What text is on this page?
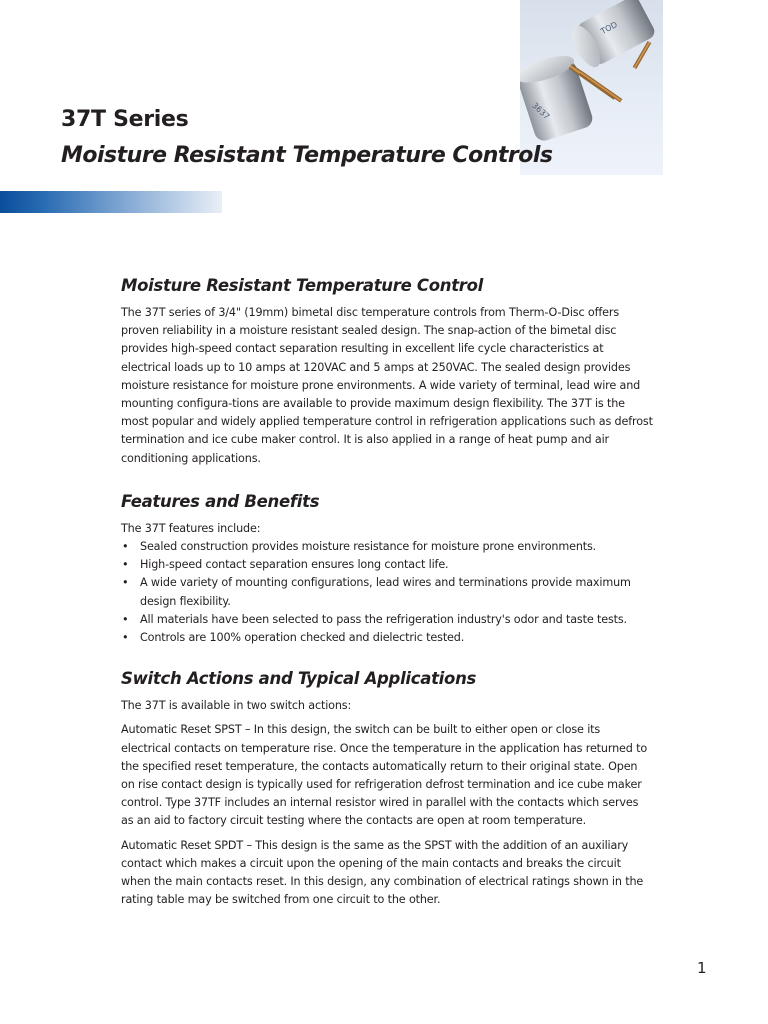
TOD
3637
37T Series
Moisture Resistant Temperature Controls
Moisture Resistant Temperature Control

The 37T series of 3/4" (19mm) bimetal disc temperature controls from Therm-O-Disc offers proven reliability in a moisture resistant sealed design. The snap-action of the bimetal disc provides high-speed contact separation resulting in excellent life cycle characteristics at electrical loads up to 10 amps at 120VAC and 5 amps at 250VAC. The sealed design provides moisture resistance for moisture prone environments. A wide variety of terminal, lead wire and mounting configura-tions are available to provide maximum design flexibility. The 37T is the most popular and widely applied temperature control in refrigeration applications such as defrost termination and ice cube maker control. It is also applied in a range of heat pump and air conditioning applications.

Features and Benefits

The 37T features include:

• Sealed construction provides moisture resistance for moisture prone environments.
• High-speed contact separation ensures long contact life.
• A wide variety of mounting configurations, lead wires and terminations provide maximum design flexibility.
• All materials have been selected to pass the refrigeration industry's odor and taste tests.
• Controls are 100% operation checked and dielectric tested.
Switch Actions and Typical Applications

The 37T is available in two switch actions:

Automatic Reset SPST – In this design, the switch can be built to either open or close its electrical contacts on temperature rise. Once the temperature in the application has returned to the specified reset temperature, the contacts automatically return to their original state. Open on rise contact design is typically used for refrigeration defrost termination and ice cube maker control. Type 37TF includes an internal resistor wired in parallel with the contacts which serves as an aid to factory circuit testing where the contacts are open at room temperature.

Automatic Reset SPDT – This design is the same as the SPST with the addition of an auxiliary contact which makes a circuit upon the opening of the main contacts and breaks the circuit when the main contacts reset. In this design, any combination of electrical ratings shown in the rating table may be switched from one circuit to the other.

1
